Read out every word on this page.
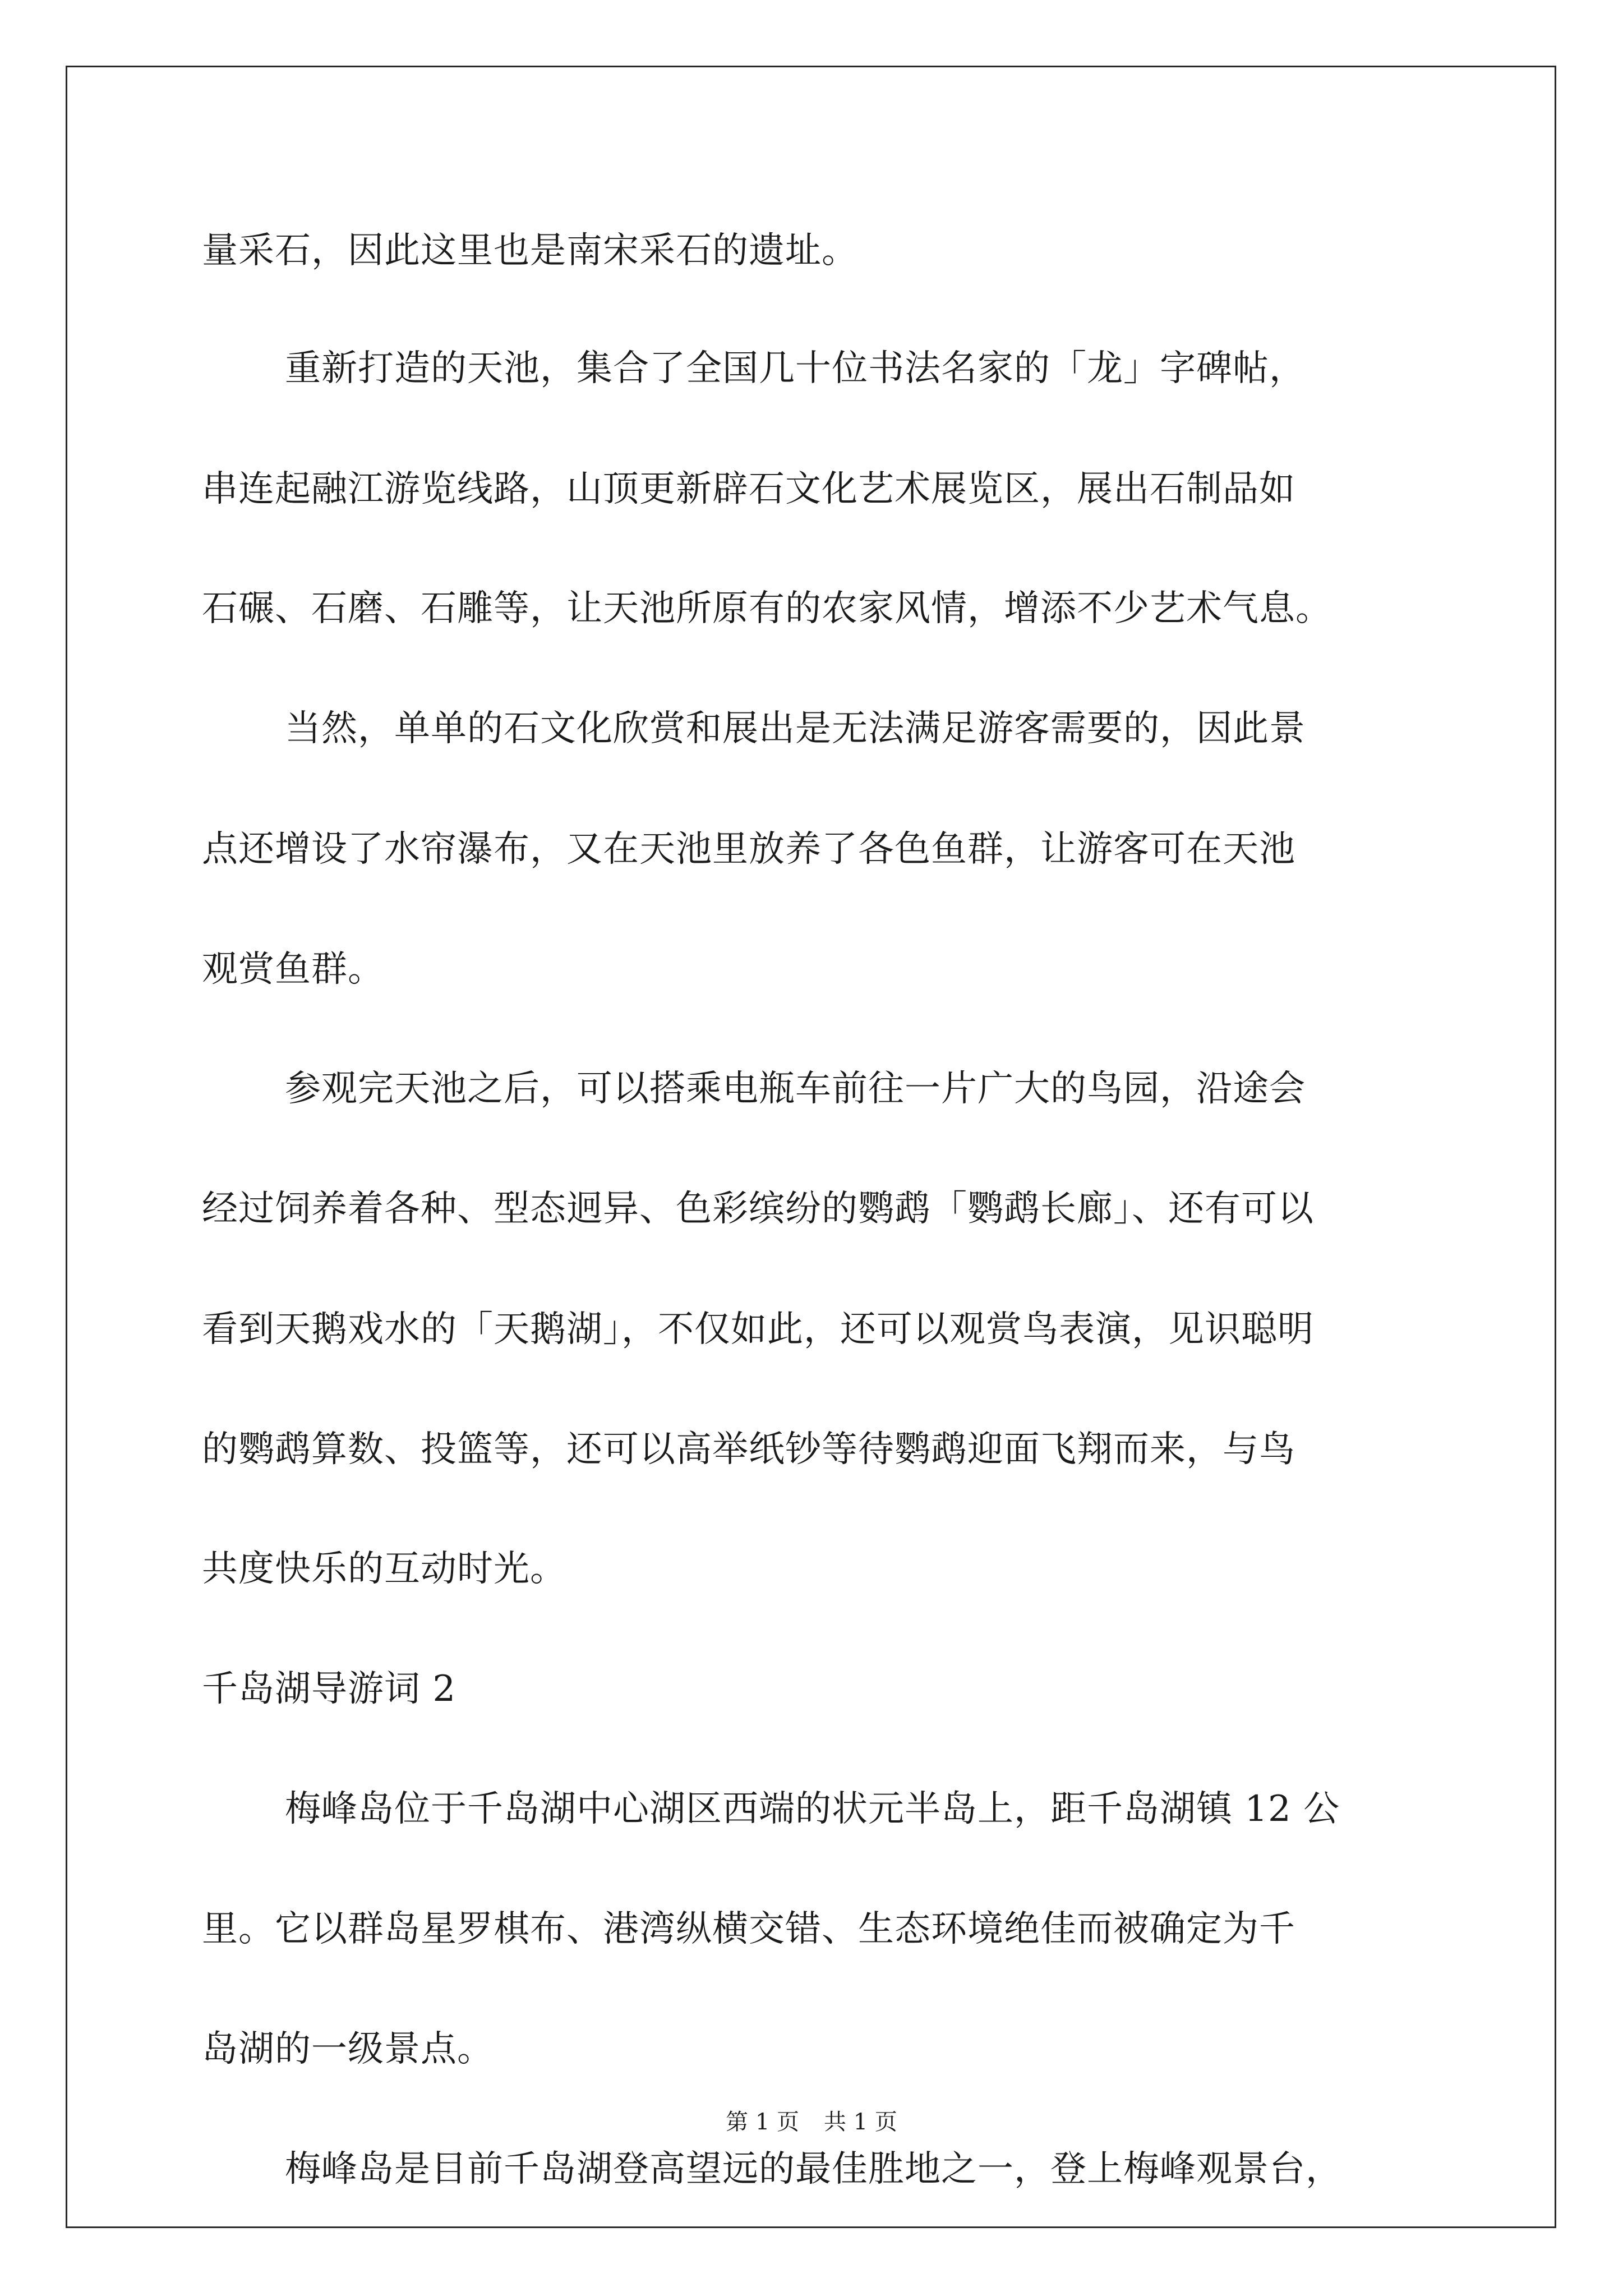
量采石，因此这里也是南宋采石的遗址。
重新打造的天池，集合了全国几十位书法名家的「龙」字碑帖，
串连起融江游览线路，山顶更新辟石文化艺术展览区，展出石制品如
石碾、石磨、石雕等，让天池所原有的农家风情，增添不少艺术气息。
当然，单单的石文化欣赏和展出是无法满足游客需要的，因此景
点还增设了水帘瀑布，又在天池里放养了各色鱼群，让游客可在天池
观赏鱼群。
参观完天池之后，可以搭乘电瓶车前往一片广大的鸟园，沿途会
经过饲养着各种、型态迥异、色彩缤纷的鹦鹉「鹦鹉长廊」、还有可以
看到天鹅戏水的「天鹅湖」，不仅如此，还可以观赏鸟表演，见识聪明
的鹦鹉算数、投篮等，还可以高举纸钞等待鹦鹉迎面飞翔而来，与鸟
共度快乐的互动时光。
千岛湖导游词 2
梅峰岛位于千岛湖中心湖区西端的状元半岛上，距千岛湖镇 12 公
里。它以群岛星罗棋布、港湾纵横交错、生态环境绝佳而被确定为千
岛湖的一级景点。
梅峰岛是目前千岛湖登高望远的最佳胜地之一，登上梅峰观景台，
第 1 页 共 1 页
